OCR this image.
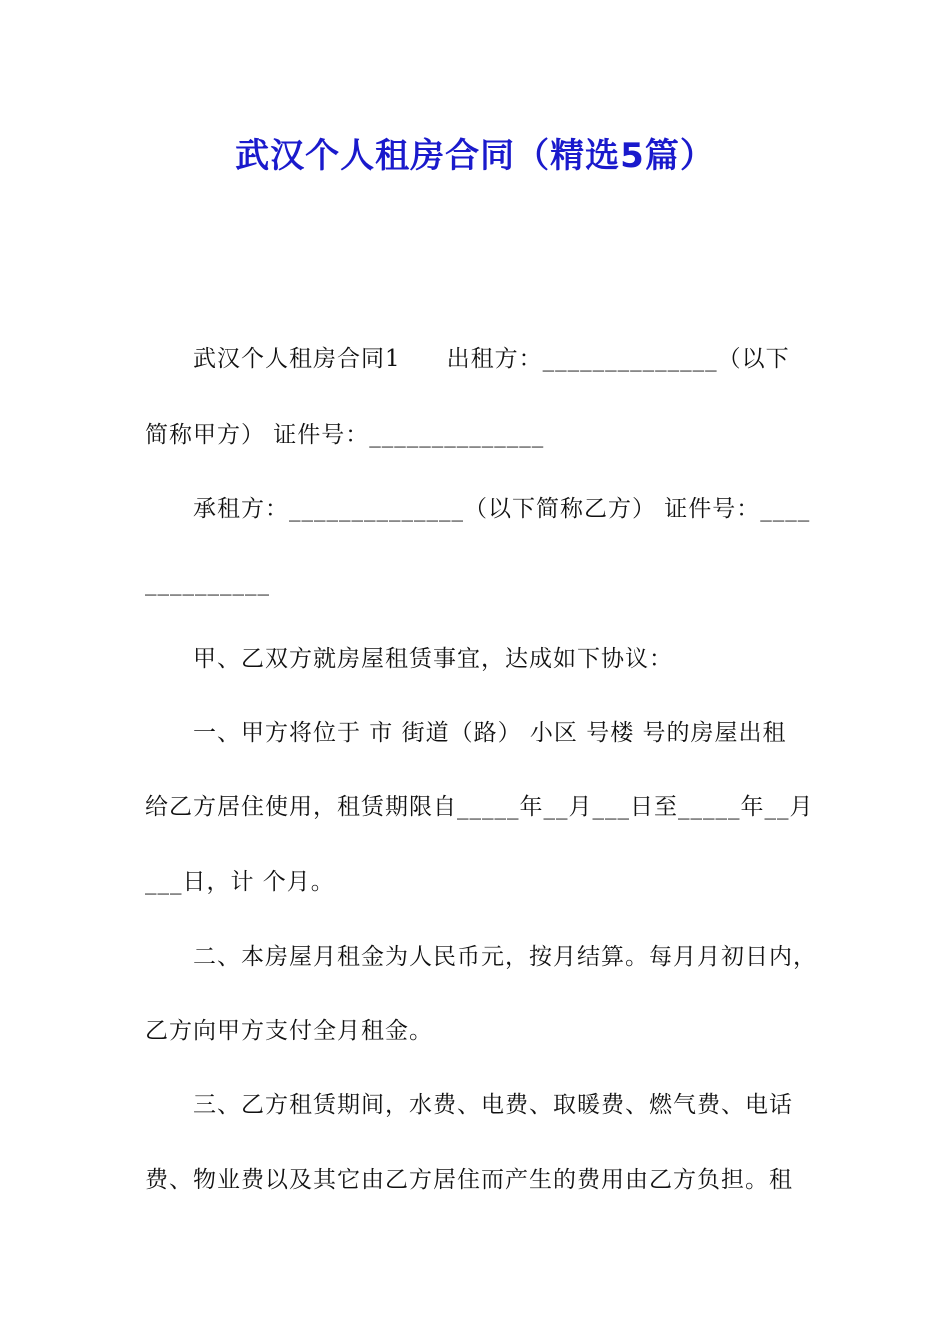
武汉个人租房合同（精选5篇）
武汉个人租房合同1 出租方：______________（以下
简称甲方） 证件号：______________
承租方：______________（以下简称乙方） 证件号：____
__________
甲、乙双方就房屋租赁事宜，达成如下协议：
一、甲方将位于 市 街道（路） 小区 号楼 号的房屋出租
给乙方居住使用，租赁期限自_____年__月___日至_____年__月
___日，计 个月。
二、本房屋月租金为人民币元，按月结算。每月月初日内，
乙方向甲方支付全月租金。
三、乙方租赁期间，水费、电费、取暖费、燃气费、电话
费、物业费以及其它由乙方居住而产生的费用由乙方负担。租
